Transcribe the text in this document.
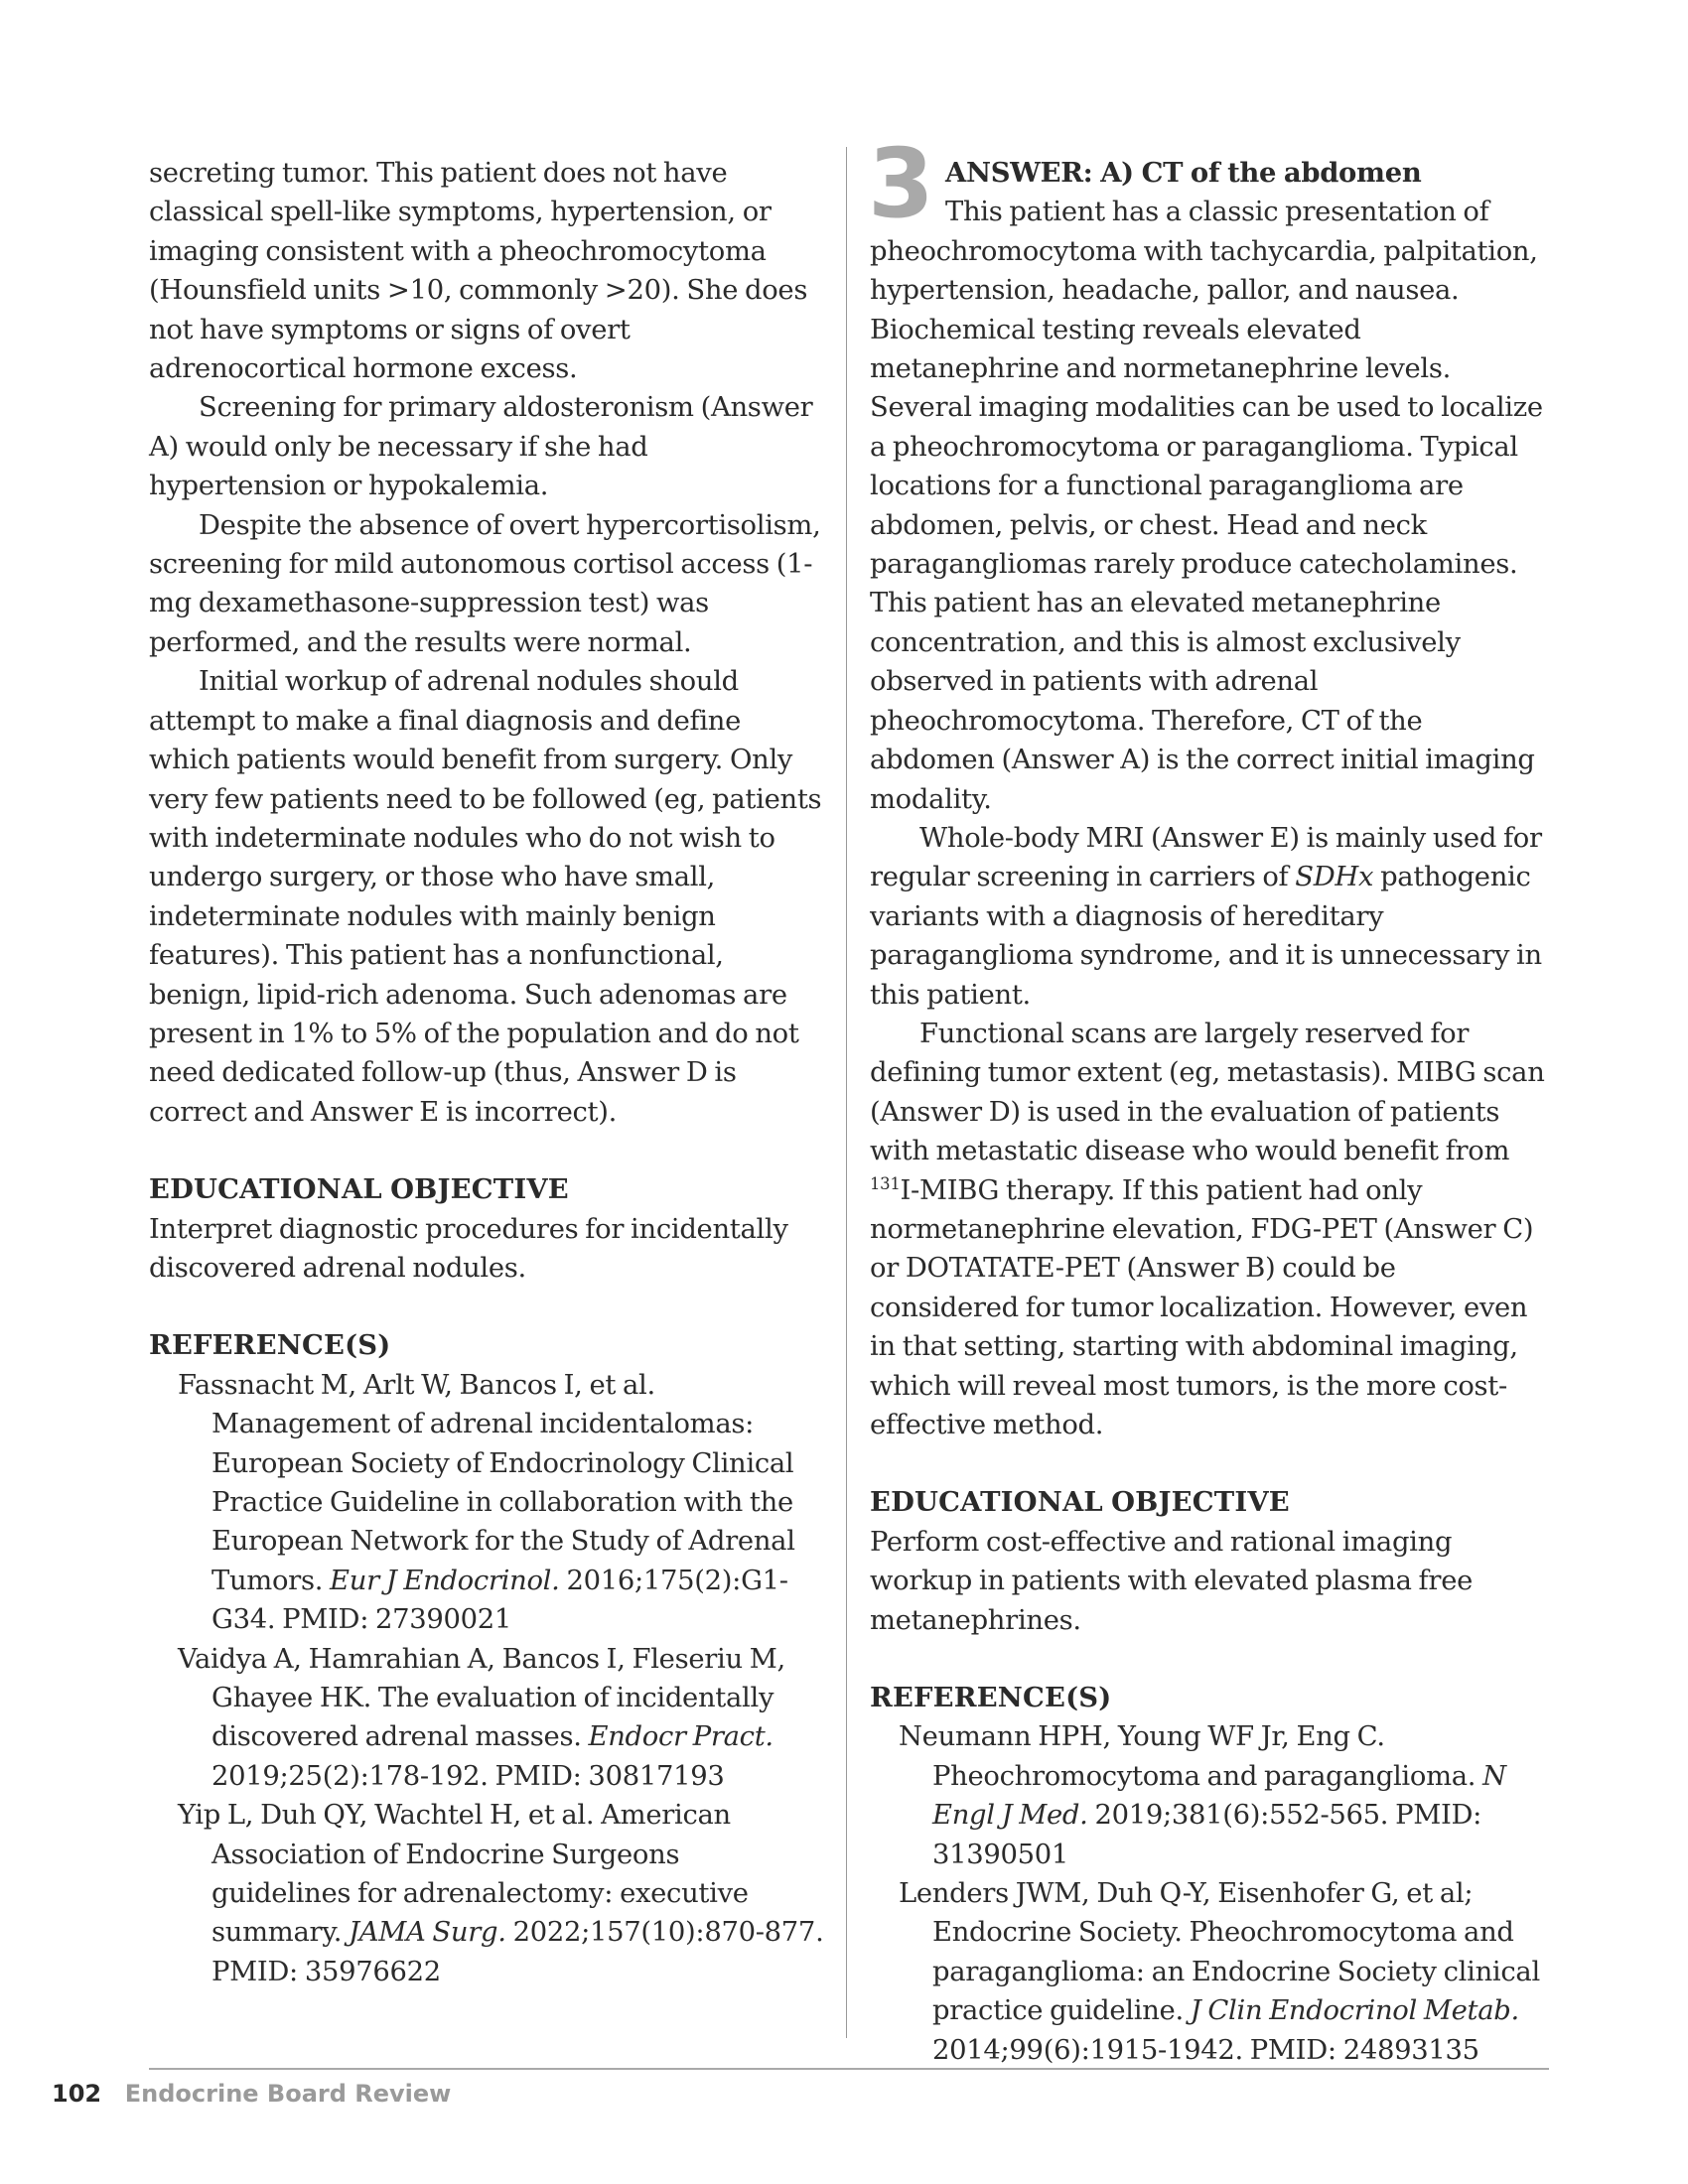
secreting tumor. This patient does not have classical spell-like symptoms, hypertension, or imaging consistent with a pheochromocytoma (Hounsfield units >10, commonly >20). She does not have symptoms or signs of overt adrenocortical hormone excess.

Screening for primary aldosteronism (Answer A) would only be necessary if she had hypertension or hypokalemia.

Despite the absence of overt hypercortisolism, screening for mild autonomous cortisol access (1-mg dexamethasone-suppression test) was performed, and the results were normal.

Initial workup of adrenal nodules should attempt to make a final diagnosis and define which patients would benefit from surgery. Only very few patients need to be followed (eg, patients with indeterminate nodules who do not wish to undergo surgery, or those who have small, indeterminate nodules with mainly benign features). This patient has a nonfunctional, benign, lipid-rich adenoma. Such adenomas are present in 1% to 5% of the population and do not need dedicated follow-up (thus, Answer D is correct and Answer E is incorrect).

EDUCATIONAL OBJECTIVE

Interpret diagnostic procedures for incidentally discovered adrenal nodules.

REFERENCE(S)

Fassnacht M, Arlt W, Bancos I, et al. Management of adrenal incidentalomas: European Society of Endocrinology Clinical Practice Guideline in collaboration with the European Network for the Study of Adrenal Tumors. Eur J Endocrinol. 2016;175(2):G1-G34. PMID: 27390021

Vaidya A, Hamrahian A, Bancos I, Fleseriu M, Ghayee HK. The evaluation of incidentally discovered adrenal masses. Endocr Pract. 2019;25(2):178-192. PMID: 30817193

Yip L, Duh QY, Wachtel H, et al. American Association of Endocrine Surgeons guidelines for adrenalectomy: executive summary. JAMA Surg. 2022;157(10):870-877. PMID: 35976622

3 ANSWER: A) CT of the abdomen

This patient has a classic presentation of

pheochromocytoma with tachycardia, palpitation, hypertension, headache, pallor, and nausea. Biochemical testing reveals elevated metanephrine and normetanephrine levels. Several imaging modalities can be used to localize a pheochromocytoma or paraganglioma. Typical locations for a functional paraganglioma are abdomen, pelvis, or chest. Head and neck paragangliomas rarely produce catecholamines. This patient has an elevated metanephrine concentration, and this is almost exclusively observed in patients with adrenal pheochromocytoma. Therefore, CT of the abdomen (Answer A) is the correct initial imaging modality.

Whole-body MRI (Answer E) is mainly used for regular screening in carriers of SDHx pathogenic variants with a diagnosis of hereditary paraganglioma syndrome, and it is unnecessary in this patient.

Functional scans are largely reserved for defining tumor extent (eg, metastasis). MIBG scan (Answer D) is used in the evaluation of patients with metastatic disease who would benefit from $^{131}$I-MIBG therapy. If this patient had only normetanephrine elevation, FDG-PET (Answer C) or DOTATATE-PET (Answer B) could be considered for tumor localization. However, even in that setting, starting with abdominal imaging, which will reveal most tumors, is the more cost-effective method.

EDUCATIONAL OBJECTIVE

Perform cost-effective and rational imaging workup in patients with elevated plasma free metanephrines.

REFERENCE(S)

Neumann HPH, Young WF Jr, Eng C. Pheochromocytoma and paraganglioma. N Engl J Med. 2019;381(6):552-565. PMID: 31390501

Lenders JWM, Duh Q-Y, Eisenhofer G, et al; Endocrine Society. Pheochromocytoma and paraganglioma: an Endocrine Society clinical practice guideline. J Clin Endocrinol Metab. 2014;99(6):1915-1942. PMID: 24893135

102 Endocrine Board Review
